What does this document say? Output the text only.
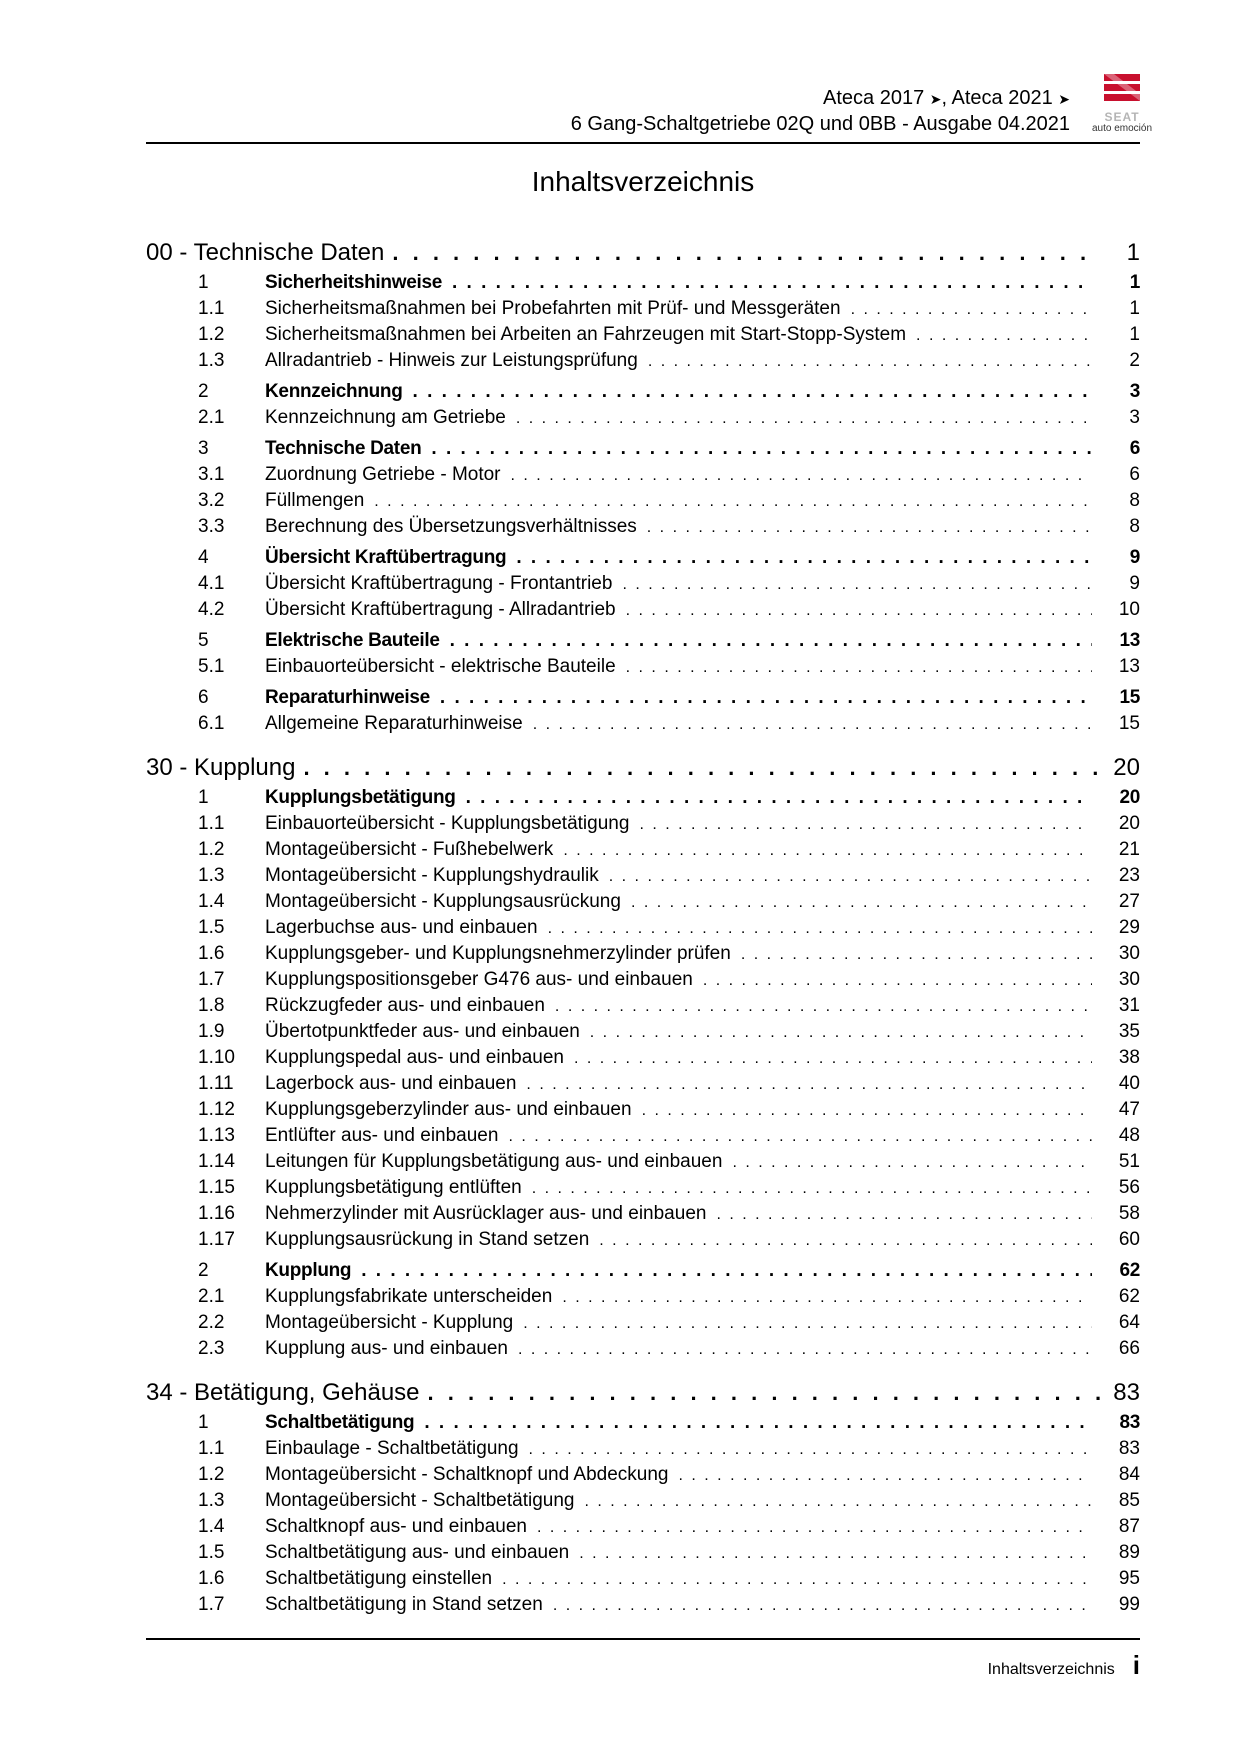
Ateca 2017 ➤, Ateca 2021 ➤
6 Gang-Schaltgetriebe 02Q und 0BB - Ausgabe 04.2021	SEAT
auto emoción
Inhaltsverzeichnis
00 - Technische Daten . . .	1
1	Sicherheitshinweise . . .	1
1.1	Sicherheitsmaßnahmen bei Probefahrten mit Prüf- und Messgeräten . . .	1
1.2	Sicherheitsmaßnahmen bei Arbeiten an Fahrzeugen mit Start-Stopp-System . . .	1
1.3	Allradantrieb - Hinweis zur Leistungsprüfung . . .	2
2	Kennzeichnung . . .	3
2.1	Kennzeichnung am Getriebe . . .	3
3	Technische Daten . . .	6
3.1	Zuordnung Getriebe - Motor . . .	6
3.2	Füllmengen . . .	8
3.3	Berechnung des Übersetzungsverhältnisses . . .	8
4	Übersicht Kraftübertragung . . .	9
4.1	Übersicht Kraftübertragung - Frontantrieb . . .	9
4.2	Übersicht Kraftübertragung - Allradantrieb . . .	10
5	Elektrische Bauteile . . .	13
5.1	Einbauorteübersicht - elektrische Bauteile . . .	13
6	Reparaturhinweise . . .	15
6.1	Allgemeine Reparaturhinweise . . .	15
30 - Kupplung . . .	20
1	Kupplungsbetätigung . . .	20
1.1	Einbauorteübersicht - Kupplungsbetätigung . . .	20
1.2	Montageübersicht - Fußhebelwerk . . .	21
1.3	Montageübersicht - Kupplungshydraulik . . .	23
1.4	Montageübersicht - Kupplungsausrückung . . .	27
1.5	Lagerbuchse aus- und einbauen . . .	29
1.6	Kupplungsgeber- und Kupplungsnehmerzylinder prüfen . . .	30
1.7	Kupplungspositionsgeber G476 aus- und einbauen . . .	30
1.8	Rückzugfeder aus- und einbauen . . .	31
1.9	Übertotpunktfeder aus- und einbauen . . .	35
1.10	Kupplungspedal aus- und einbauen . . .	38
1.11	Lagerbock aus- und einbauen . . .	40
1.12	Kupplungsgeberzylinder aus- und einbauen . . .	47
1.13	Entlüfter aus- und einbauen . . .	48
1.14	Leitungen für Kupplungsbetätigung aus- und einbauen . . .	51
1.15	Kupplungsbetätigung entlüften . . .	56
1.16	Nehmerzylinder mit Ausrücklager aus- und einbauen . . .	58
1.17	Kupplungsausrückung in Stand setzen . . .	60
2	Kupplung . . .	62
2.1	Kupplungsfabrikate unterscheiden . . .	62
2.2	Montageübersicht - Kupplung . . .	64
2.3	Kupplung aus- und einbauen . . .	66
34 - Betätigung, Gehäuse . . .	83
1	Schaltbetätigung . . .	83
1.1	Einbaulage - Schaltbetätigung . . .	83
1.2	Montageübersicht - Schaltknopf und Abdeckung . . .	84
1.3	Montageübersicht - Schaltbetätigung . . .	85
1.4	Schaltknopf aus- und einbauen . . .	87
1.5	Schaltbetätigung aus- und einbauen . . .	89
1.6	Schaltbetätigung einstellen . . .	95
1.7	Schaltbetätigung in Stand setzen . . .	99
Inhaltsverzeichnis i
